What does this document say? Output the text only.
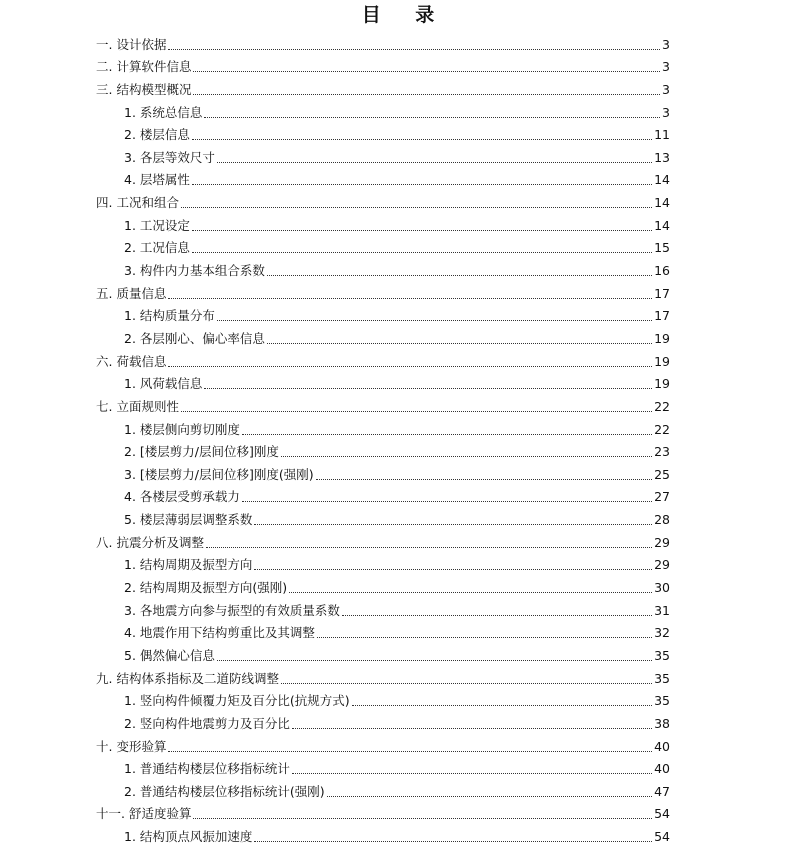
目 录
一. 设计依据	3
二. 计算软件信息	3
三. 结构模型概况	3
1. 系统总信息	3
2. 楼层信息	11
3. 各层等效尺寸	13
4. 层塔属性	14
四. 工况和组合	14
1. 工况设定	14
2. 工况信息	15
3. 构件内力基本组合系数	16
五. 质量信息	17
1. 结构质量分布	17
2. 各层刚心、偏心率信息	19
六. 荷载信息	19
1. 风荷载信息	19
七. 立面规则性	22
1. 楼层侧向剪切刚度	22
2. [楼层剪力/层间位移]刚度	23
3. [楼层剪力/层间位移]刚度(强刚)	25
4. 各楼层受剪承载力	27
5. 楼层薄弱层调整系数	28
八. 抗震分析及调整	29
1. 结构周期及振型方向	29
2. 结构周期及振型方向(强刚)	30
3. 各地震方向参与振型的有效质量系数	31
4. 地震作用下结构剪重比及其调整	32
5. 偶然偏心信息	35
九. 结构体系指标及二道防线调整	35
1. 竖向构件倾覆力矩及百分比(抗规方式)	35
2. 竖向构件地震剪力及百分比	38
十. 变形验算	40
1. 普通结构楼层位移指标统计	40
2. 普通结构楼层位移指标统计(强刚)	47
十一. 舒适度验算	54
1. 结构顶点风振加速度	54
